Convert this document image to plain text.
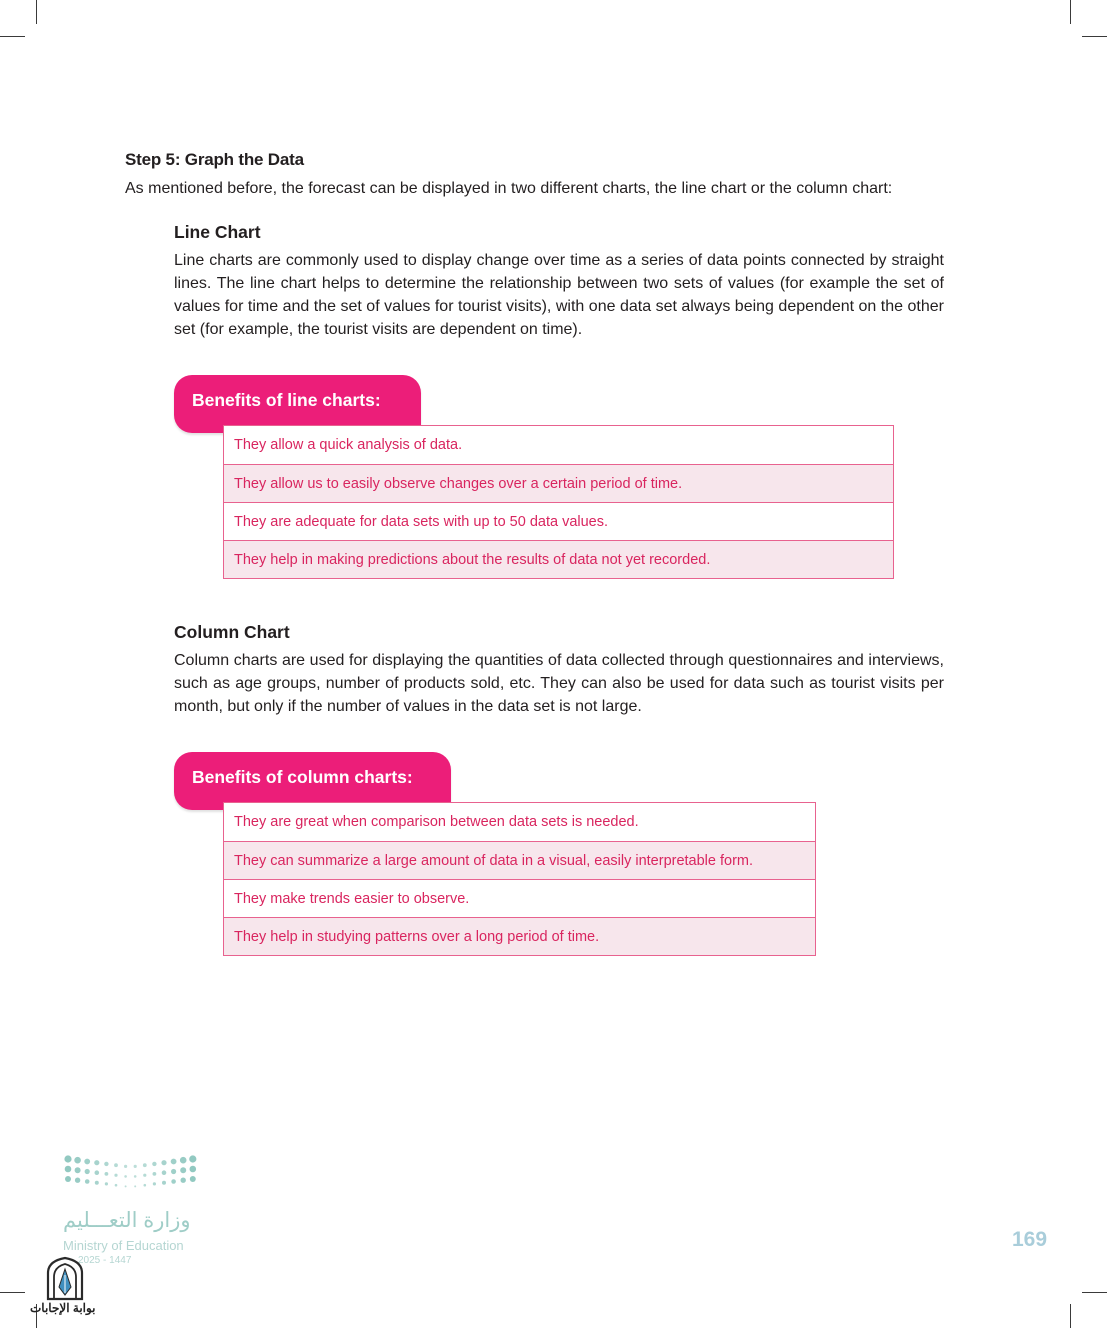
Step 5: Graph the Data
As mentioned before, the forecast can be displayed in two different charts, the line chart or the column chart:
Line Chart
Line charts are commonly used to display change over time as a series of data points connected by straight lines. The line chart helps to determine the relationship between two sets of values (for example the set of values for time and the set of values for tourist visits), with one data set always being dependent on the other set (for example, the tourist visits are dependent on time).
Benefits of line charts:
They allow a quick analysis of data.
They allow us to easily observe changes over a certain period of time.
They are adequate for data sets with up to 50 data values.
They help in making predictions about the results of data not yet recorded.
Column Chart
Column charts are used for displaying the quantities of data collected through questionnaires and interviews, such as age groups, number of products sold, etc. They can also be used for data such as tourist visits per month, but only if the number of values in the data set is not large.
Benefits of column charts:
They are great when comparison between data sets is needed.
They can summarize a large amount of data in a visual, easily interpretable form.
They make trends easier to observe.
They help in studying patterns over a long period of time.
وزارة التعـــليم
Ministry of Education
2025 - 1447
بوابة الإجابات
169
